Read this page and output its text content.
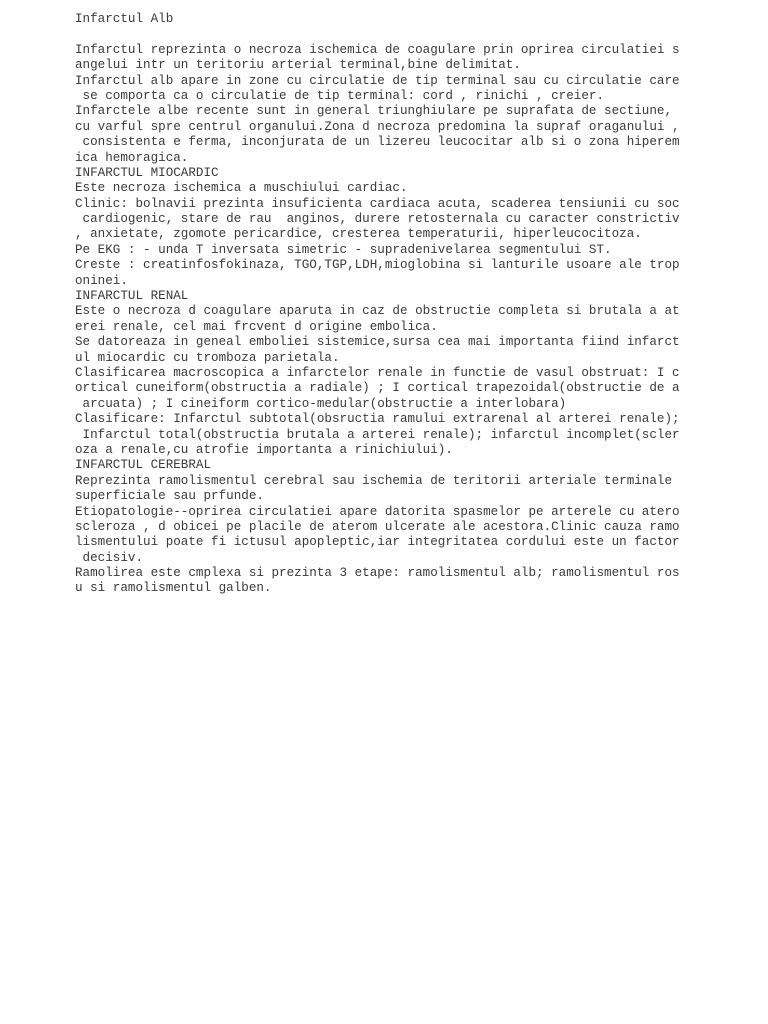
Infarctul Alb
Infarctul reprezinta o necroza ischemica de coagulare prin oprirea circulatiei s
angelui intr un teritoriu arterial terminal,bine delimitat.
Infarctul alb apare in zone cu circulatie de tip terminal sau cu circulatie care
se comporta ca o circulatie de tip terminal: cord , rinichi , creier.
Infarctele albe recente sunt in general triunghiulare pe suprafata de sectiune,
cu varful spre centrul organului.Zona d necroza predomina la supraf oraganului ,
consistenta e ferma, inconjurata de un lizereu leucocitar alb si o zona hiperem
ica hemoragica.
INFARCTUL MIOCARDIC
Este necroza ischemica a muschiului cardiac.
Clinic: bolnavii prezinta insuficienta cardiaca acuta, scaderea tensiunii cu soc
cardiogenic, stare de rau  anginos, durere retosternala cu caracter constrictiv
, anxietate, zgomote pericardice, cresterea temperaturii, hiperleucocitoza.
Pe EKG : - unda T inversata simetric - supradenivelarea segmentului ST.
Creste : creatinfosfokinaza, TGO,TGP,LDH,mioglobina si lanturile usoare ale trop
oninei.
INFARCTUL RENAL
Este o necroza d coagulare aparuta in caz de obstructie completa si brutala a at
erei renale, cel mai frcvent d origine embolica.
Se datoreaza in geneal emboliei sistemice,sursa cea mai importanta fiind infarct
ul miocardic cu tromboza parietala.
Clasificarea macroscopica a infarctelor renale in functie de vasul obstruat: I c
ortical cuneiform(obstructia a radiale) ; I cortical trapezoidal(obstructie de a
arcuata) ; I cineiform cortico-medular(obstructie a interlobara)
Clasificare: Infarctul subtotal(obsructia ramului extrarenal al arterei renale);
Infarctul total(obstructia brutala a arterei renale); infarctul incomplet(scler
oza a renale,cu atrofie importanta a rinichiului).
INFARCTUL CEREBRAL
Reprezinta ramolismentul cerebral sau ischemia de teritorii arteriale terminale
superficiale sau prfunde.
Etiopatologie--oprirea circulatiei apare datorita spasmelor pe arterele cu atero
scleroza , d obicei pe placile de aterom ulcerate ale acestora.Clinic cauza ramo
lismentului poate fi ictusul apopleptic,iar integritatea cordului este un factor
decisiv.
Ramolirea este cmplexa si prezinta 3 etape: ramolismentul alb; ramolismentul ros
u si ramolismentul galben.
